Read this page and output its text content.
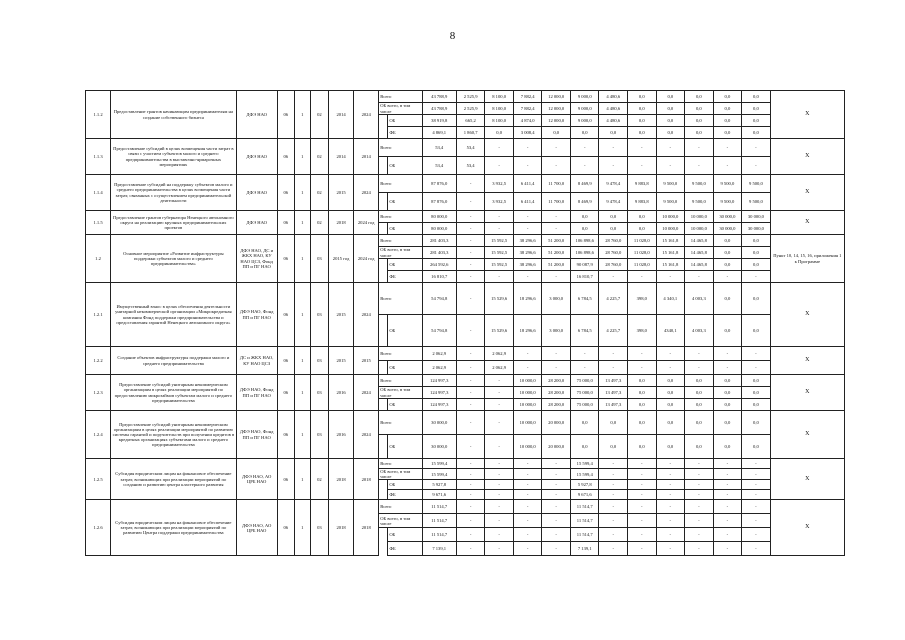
8
1.1.2	Предоставление грантов начинающим предпринимателям на создание собственного бизнеса	ДФЭ НАО	06	1	02	2014	2024	Всего		43 788,9	2 525,9	8 100,0	7 882,4	12 000,0	9 000,0	4 480,6	0,0	0,0	0,0	0,0	0,0	X
								ОБ всего, в том числе		43 788,9	2 525,9	8 100,0	7 882,4	12 000,0	9 000,0	4 480,6	0,0	0,0	0,0	0,0	0,0	
									ОБ	38 919,8	665,2	8 100,0	4 874,0	12 000,0	9 000,0	4 480,6	0,0	0,0	0,0	0,0	0,0	
									ФБ	4 869,1	1 860,7	0,0	3 008,4	0,0	0,0	0,0	0,0	0,0	0,0	0,0	0,0	
1.1.3	Предоставление субсидий в целях возмещения части затрат в связи с участием субъектов малого и среднего предпринимательства в выставочно-ярмарочных мероприятиях	ДФЭ НАО	06	1	02	2014	2014	Всего		53,4	53,4	-	-	-	-	-	-	-	-	-	-	X
									ОБ	53,4	53,4	-	-	-	-	-	-	-	-	-	-	
1.1.4	Предоставление субсидий на поддержку субъектов малого и среднего предпринимательства в целях возмещения части затрат, связанных с осуществлением предпринимательской деятельности	ДФЭ НАО	06	1	02	2015	2024	Всего		87 876,0	-	3 932,5	6 411,4	11 700,0	8 469,9	9 478,4	9 883,8	9 500,0	9 500,0	9 500,0	9 500,0	X
									ОБ	87 876,0	-	3 932,5	6 411,4	11 700,0	8 469,9	9 478,4	9 883,8	9 500,0	9 500,0	9 500,0	9 500,0	
1.1.5	Предоставление грантов губернатора Ненецкого автономного округа на реализацию крупных предпринимательских проектов	ДФЭ НАО	06	1	02	2018	2024 год	Всего		80 000,0	-	-	-	-	0,0	0,0	0,0	10 000,0	10 000,0	30 000,0	30 000,0	X
									ОБ	80 000,0	-	-	-	-	0,0	0,0	0,0	10 000,0	10 000,0	30 000,0	30 000,0	
1.2	Основное мероприятие «Развитие инфраструктуры поддержки субъектов малого и среднего предпринимательства»	ДФЭ НАО, ДС и ЖКХ НАО, КУ НАО ЦСЗ, Фонд ПП и ПГ НАО	06	1	03	2015 год	2024 год	Всего		281 403,3	-	15 592,5	38 296,6	51 200,0	106 898,6	28 760,0	11 028,0	15 161,8	14 465,8	0,0	0,0	Пункт 10, 14, 15, 16, приложения 1 к Программе
								ОБ всего, в том числе		281 403,3	-	15 592,5	38 296,6	51 200,0	106 898,6	28 760,0	11 028,0	15 161,8	14 465,8	0,0	0,0	
									ОБ	264 592,6	-	15 592,5	38 296,6	51 200,0	90 087,9	28 760,0	11 028,0	15 161,8	14 465,8	0,0	0,0	
									ФБ	16 810,7	-	-	-	-	16 810,7	-	-	-	-	-	-	
1.2.1	Имущественный взнос в целях обеспечения деятельности унитарной некоммерческой организации «Микрокредитная компания Фонд поддержки предпринимательства и предоставления гарантий Ненецкого автономного округа»	ДФЭ НАО, Фонд ПП и ПГ НАО	06	1	03	2015	2024	Всего		54 794,8	-	15 529,6	18 296,6	3 000,0	6 784,5	4 225,7	398,0	4 340,1	4 003,3	0,0	0,0	X
									ОБ	54 794,8	-	15 529,6	18 296,6	3 000,0	6 784,5	4 225,7	398,0	4340,1	4 003,3	0,0	0,0	
1.2.2	Создание объектов инфраструктуры поддержки малого и среднего предпринимательства	ДС и ЖКХ НАО, КУ НАО ЦСЗ	06	1	03	2015	2015	Всего		2 062,9	-	2 062,9	-	-	-	-	-	-	-	-	-	X
									ОБ	2 062,9	-	2 062,9	-	-	-	-	-	-	-	-	-	
1.2.3	Предоставление субсидий унитарным некоммерческим организациям в целях реализации мероприятий по предоставлению микрозаймов субъектам малого и среднего предпринимательства	ДФЭ НАО, Фонд ПП и ПГ НАО	06	1	03	2016	2024	Всего		124 997,3	-	-	10 000,0	28 200,0	75 000,0	13 497,3	0,0	0,0	0,0	0,0	0,0	X
								ОБ всего, в том числе		124 997,3	-	-	10 000,0	28 200,0	75 000,0	13 497,3	0,0	0,0	0,0	0,0	0,0	
									ОБ	124 997,3	-	-	10 000,0	28 200,0	75 000,0	13 497,3	0,0	0,0	0,0	0,0	0,0	
1.2.4	Предоставление субсидий унитарным некоммерческим организациям в целях реализации мероприятий по развитию системы гарантий и поручительств при получении кредитов в кредитных организациях субъектами малого и среднего предпринимательства	ДФЭ НАО, Фонд ПП и ПГ НАО	06	1	03	2016	2024	Всего		30 000,0	-	-	10 000,0	20 000,0	0,0	0,0	0,0	0,0	0,0	0,0	0,0	X
									ОБ	30 000,0	-	-	10 000,0	20 000,0	0,0	0,0	0,0	0,0	0,0	0,0	0,0	
1.2.5	Субсидия юридическим лицам на финансовое обеспечение затрат, возникающих при реализации мероприятий по созданию и развитию центра кластерного развития	ДФЭ НАО, АО ЦРБ НАО	06	1	02	2018	2018	Всего		15 599,4	-	-	-	-	15 599,4	-	-	-	-	-	-	X
								ОБ всего, в том числе		15 599,4	-	-	-	-	15 599,4	-	-	-	-	-	-	
									ОБ	5 927,8	-	-	-	-	5 927,8	-	-	-	-	-	-	
									ФБ	9 671,6	-	-	-	-	9 671,6	-	-	-	-	-	-	
1.2.6	Субсидия юридическим лицам на финансовое обеспечение затрат, возникающих при реализации мероприятий по развитию Центра поддержки предпринимательства	ДФЭ НАО, АО ЦРБ НАО	06	1	03	2018	2018	Всего		11 514,7	-	-	-	-	11 514,7	-	-	-	-	-	-	X
								ОБ всего, в том числе		11 514,7	-	-	-	-	11 514,7	-	-	-	-	-	-	
									ОБ	11 514,7	-	-	-	-	11 514,7	-	-	-	-	-	-	
									ФБ	7 139,1	-	-	-	-	7 139,1	-	-	-	-	-	-	
